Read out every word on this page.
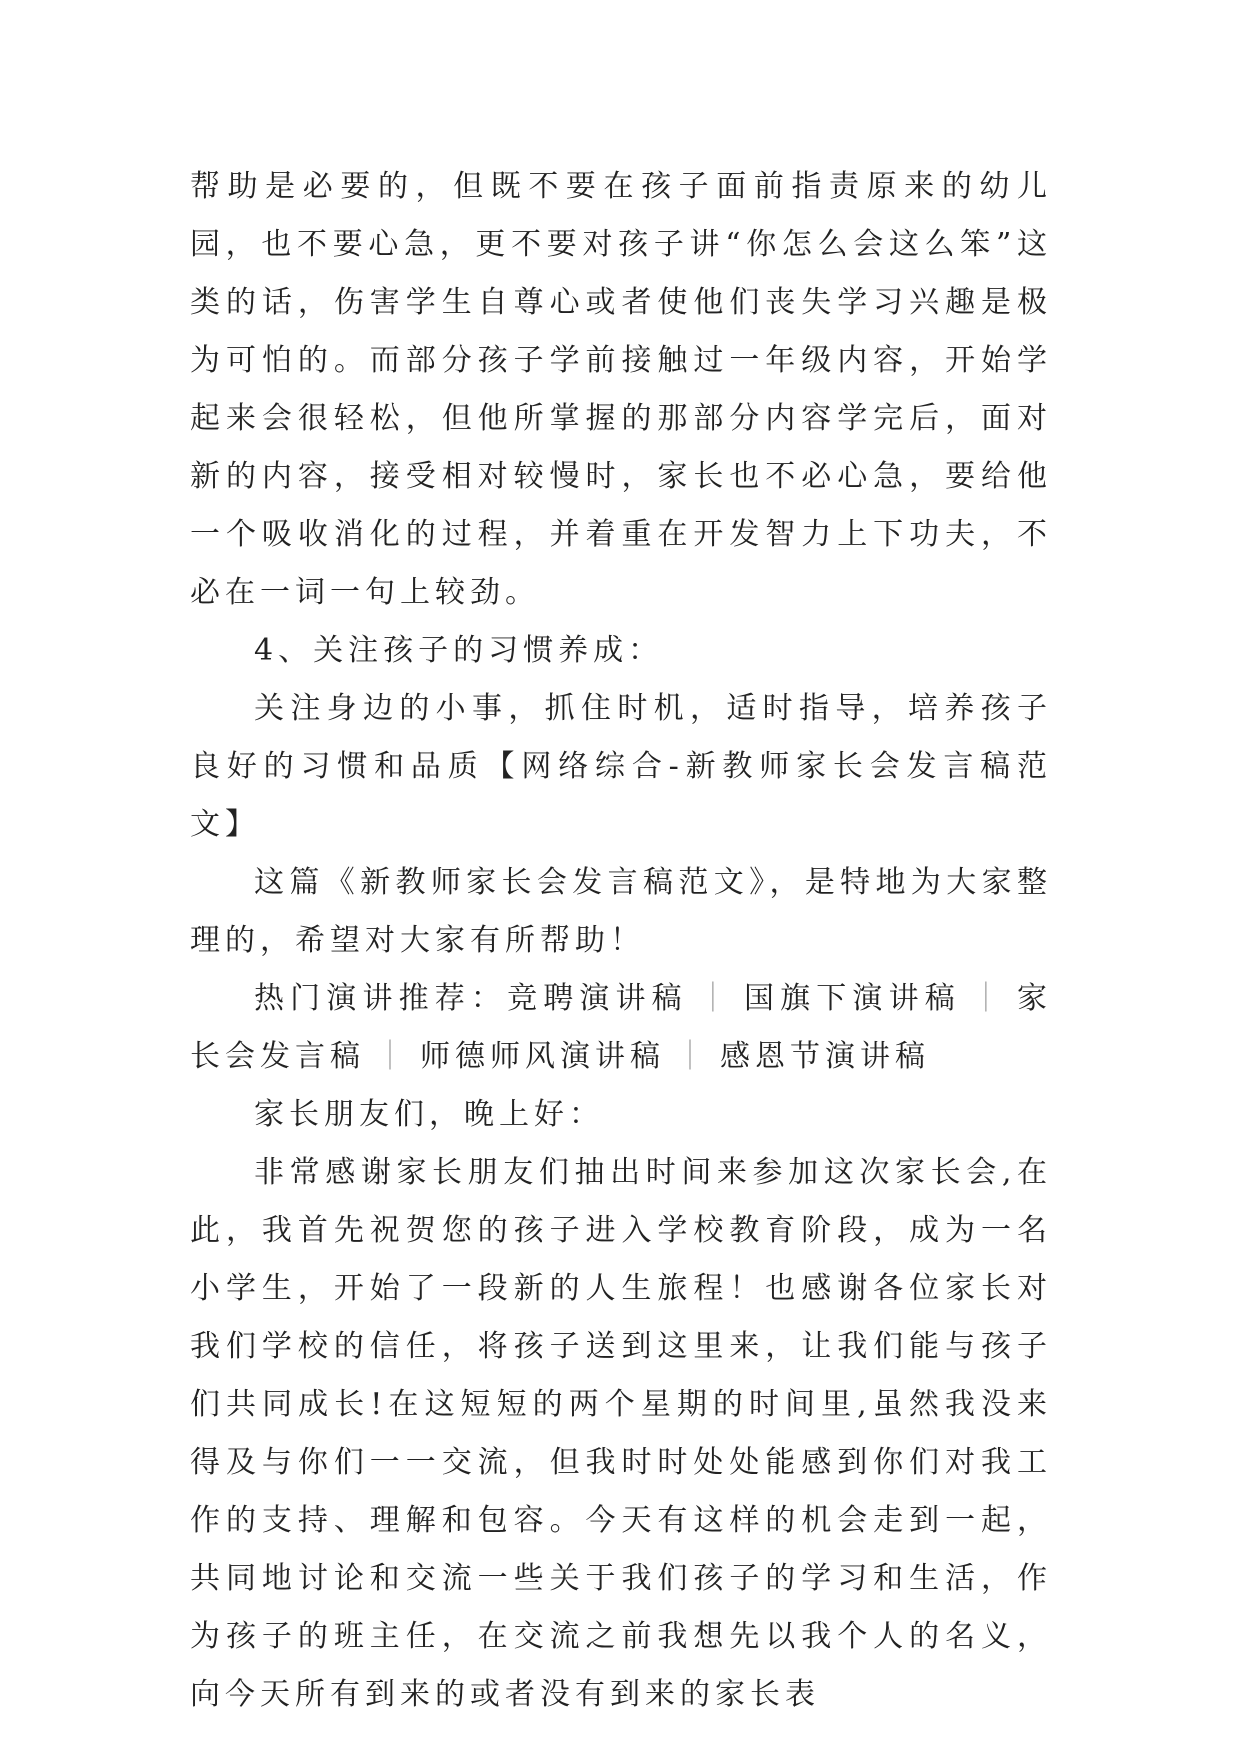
帮助是必要的，但既不要在孩子面前指责原来的幼儿园，也不要心急，更不要对孩子讲“你怎么会这么笨”这类的话，伤害学生自尊心或者使他们丧失学习兴趣是极为可怕的。而部分孩子学前接触过一年级内容，开始学起来会很轻松，但他所掌握的那部分内容学完后，面对新的内容，接受相对较慢时，家长也不必心急，要给他一个吸收消化的过程，并着重在开发智力上下功夫，不必在一词一句上较劲。

4、关注孩子的习惯养成：

关注身边的小事，抓住时机，适时指导，培养孩子良好的习惯和品质【网络综合-新教师家长会发言稿范文】

这篇《新教师家长会发言稿范文》，是特地为大家整理的，希望对大家有所帮助！

热门演讲推荐：竞聘演讲稿 ｜ 国旗下演讲稿 ｜ 家长会发言稿 ｜ 师德师风演讲稿 ｜ 感恩节演讲稿

家长朋友们，晚上好：

非常感谢家长朋友们抽出时间来参加这次家长会,在此，我首先祝贺您的孩子进入学校教育阶段，成为一名小学生，开始了一段新的人生旅程！也感谢各位家长对我们学校的信任，将孩子送到这里来，让我们能与孩子们共同成长!在这短短的两个星期的时间里,虽然我没来得及与你们一一交流，但我时时处处能感到你们对我工作的支持、理解和包容。今天有这样的机会走到一起，共同地讨论和交流一些关于我们孩子的学习和生活，作为孩子的班主任，在交流之前我想先以我个人的名义，向今天所有到来的或者没有到来的家长表
